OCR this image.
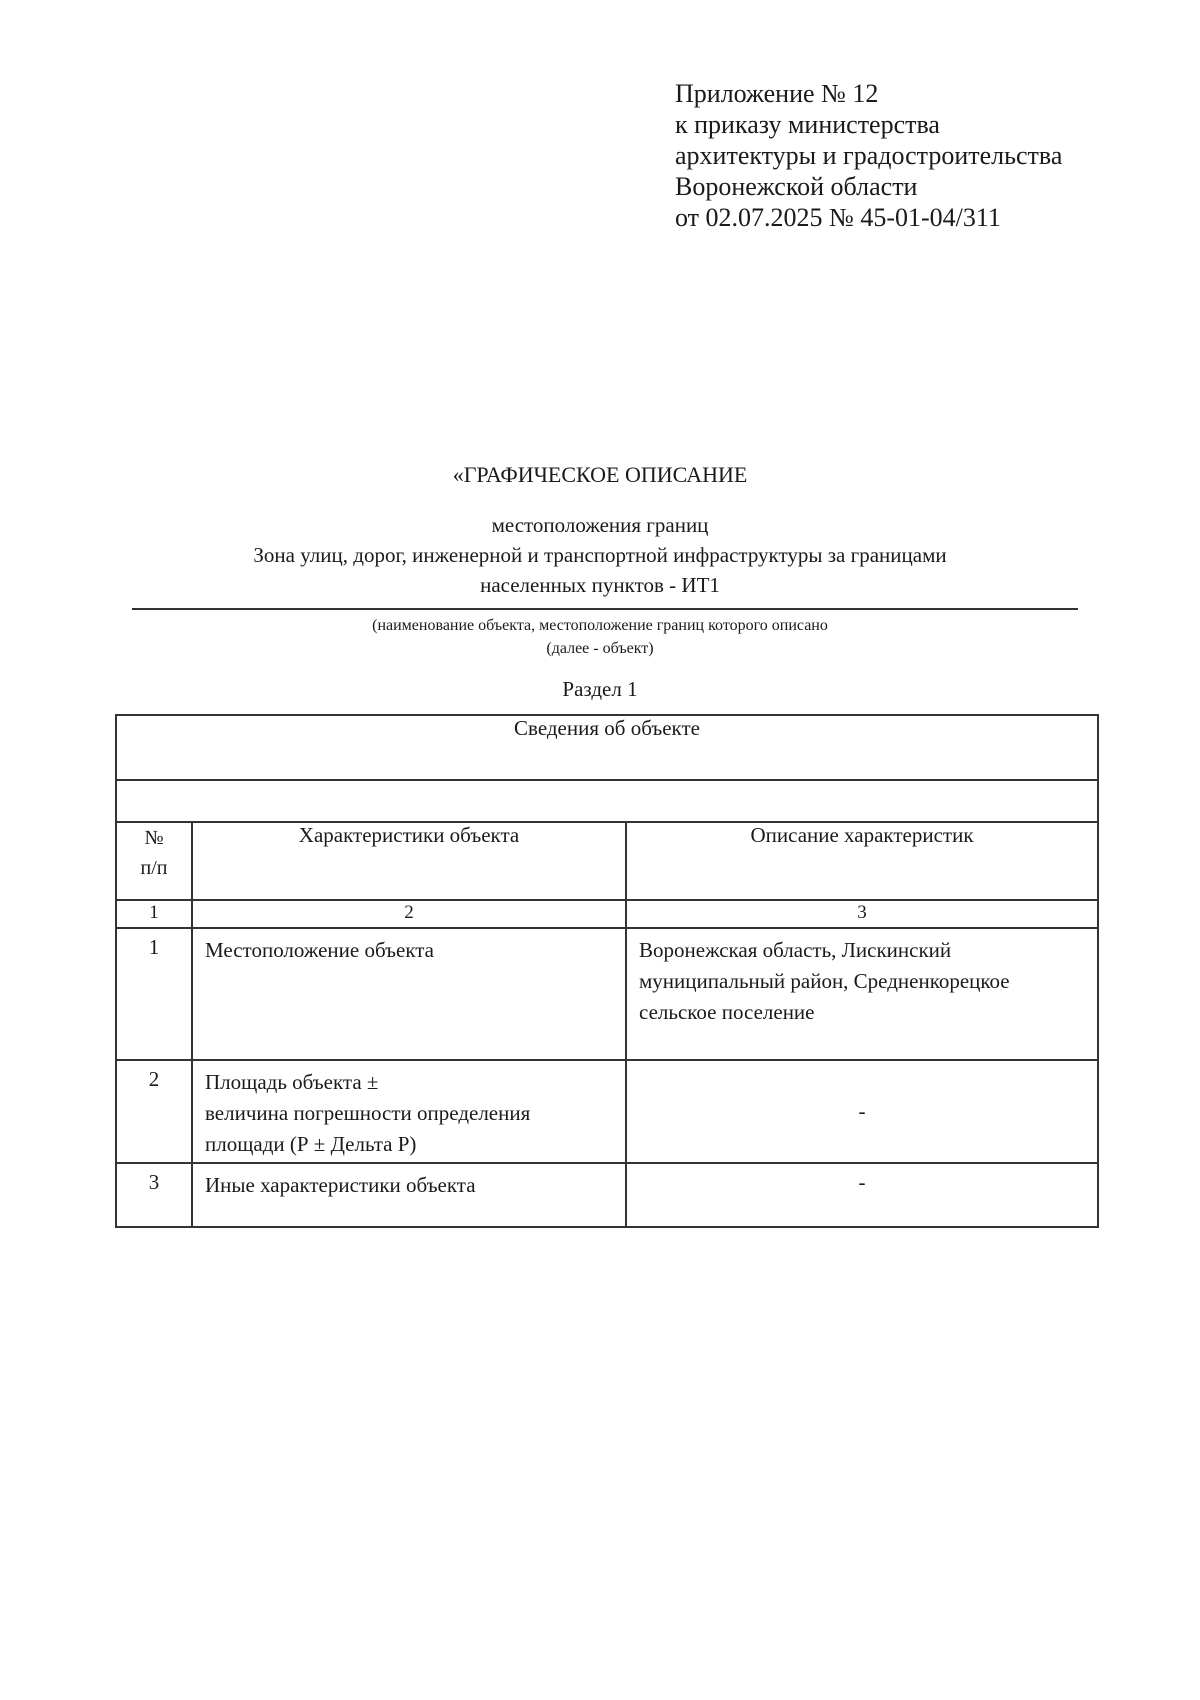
Приложение № 12
к приказу министерства
архитектуры и градостроительства
Воронежской области
от 02.07.2025 № 45-01-04/311
«ГРАФИЧЕСКОЕ ОПИСАНИЕ
местоположения границ
Зона улиц, дорог, инженерной и транспортной инфраструктуры за границами
населенных пунктов - ИТ1
(наименование объекта, местоположение границ которого описано
(далее - объект)
Раздел 1
Сведения об объекте		

№
п/п	Характеристики объекта	Описание характеристик
1	2	3
1	Местоположение объекта	Воронежская область, Лискинский
муниципальный район, Средненкорецкое
сельское поселение

2	Площадь объекта ±
величина погрешности определения
площади (Р ± Дельта Р)	-
3	Иные характеристики объекта	-
